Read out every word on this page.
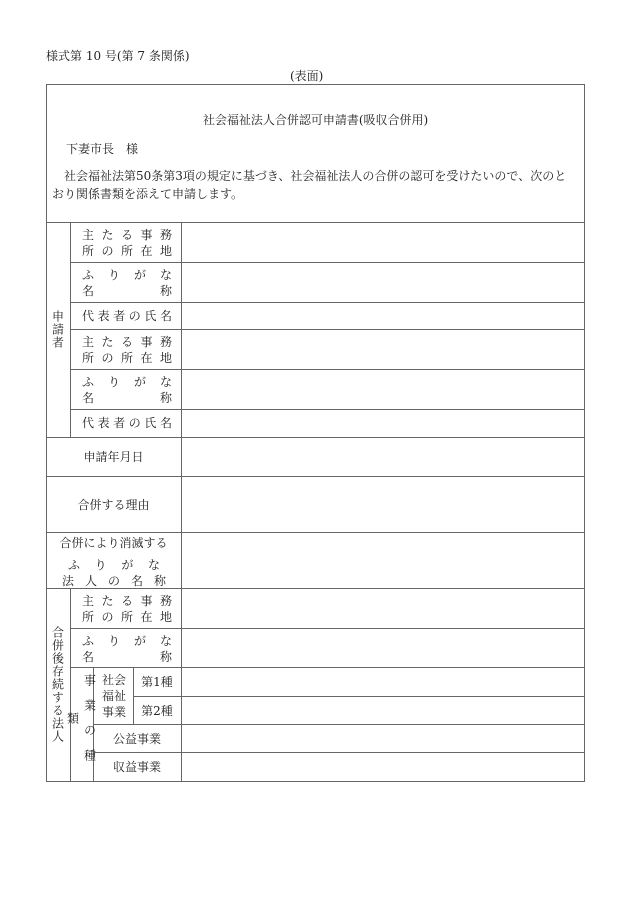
様式第 10 号(第 7 条関係)
(表面)
社会福祉法人合併認可申請書(吸収合併用)
下妻市長　様
社会福祉法第50条第3項の規定に基づき、社会福祉法人の合併の認可を受けたいので、次のとおり関係書類を添えて申請します。
申請者
主たる事務
所の所在地
ふりがな
名称
代表者の氏名
主たる事務
所の所在地
ふりがな
名称
代表者の氏名
申請年月日
合併する理由
合併により消滅する
ふりがな
法人の名称
合併後存続する法人
主たる事務
所の所在地
ふりがな
名称
事業の種類
社会福祉事業
第1種
第2種
公益事業
収益事業
